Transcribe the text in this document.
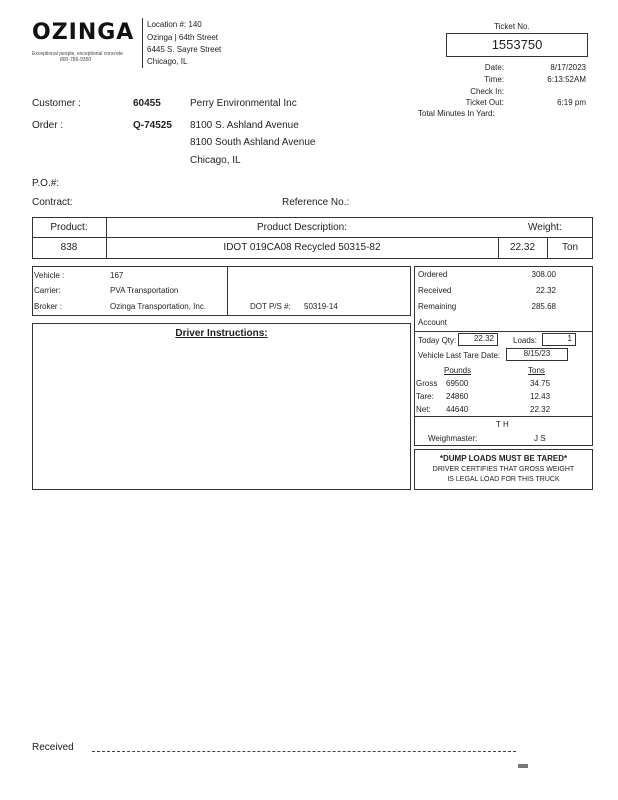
OZINGA
Exceptional people, exceptional concrete
800-786-9350
Location #: 140
Ozinga | 64th Street
6445 S. Sayre Street
Chicago, IL
Ticket No.
1553750
Date:	8/17/2023
Time:	6:13:52AM
Check In:
Ticket Out:	6:19 pm
Total Minutes In Yard:
Customer :	60455	Perry Environmental Inc
Order :	Q-74525 8100 S. Ashland Avenue
8100 South Ashland Avenue
Chicago, IL
P.O.#:
Contract:	Reference No.:
Product:	Product Description:	Weight:
838	IDOT 019CA08 Recycled 50315-82	22.32	Ton
Vehicle :	167
Carrier:	PVA Transportation
Broker :	Ozinga Transportation, Inc.	DOT P/S #: 50319-14
Driver Instructions:
Ordered	308.00
Received	22.32
Remaining	285.68
Account
Today Qty:	22.32	Loads:	1
Vehicle Last Tare Date:	8/15/23
Pounds	Tons
Gross 69500	34.75
Tare: 24860	12.43
Net: 44640	22.32
T H
Weighmaster:	J S
*DUMP LOADS MUST BE TARED*
DRIVER CERTIFIES THAT GROSS WEIGHT
IS LEGAL LOAD FOR THIS TRUCK
Received
